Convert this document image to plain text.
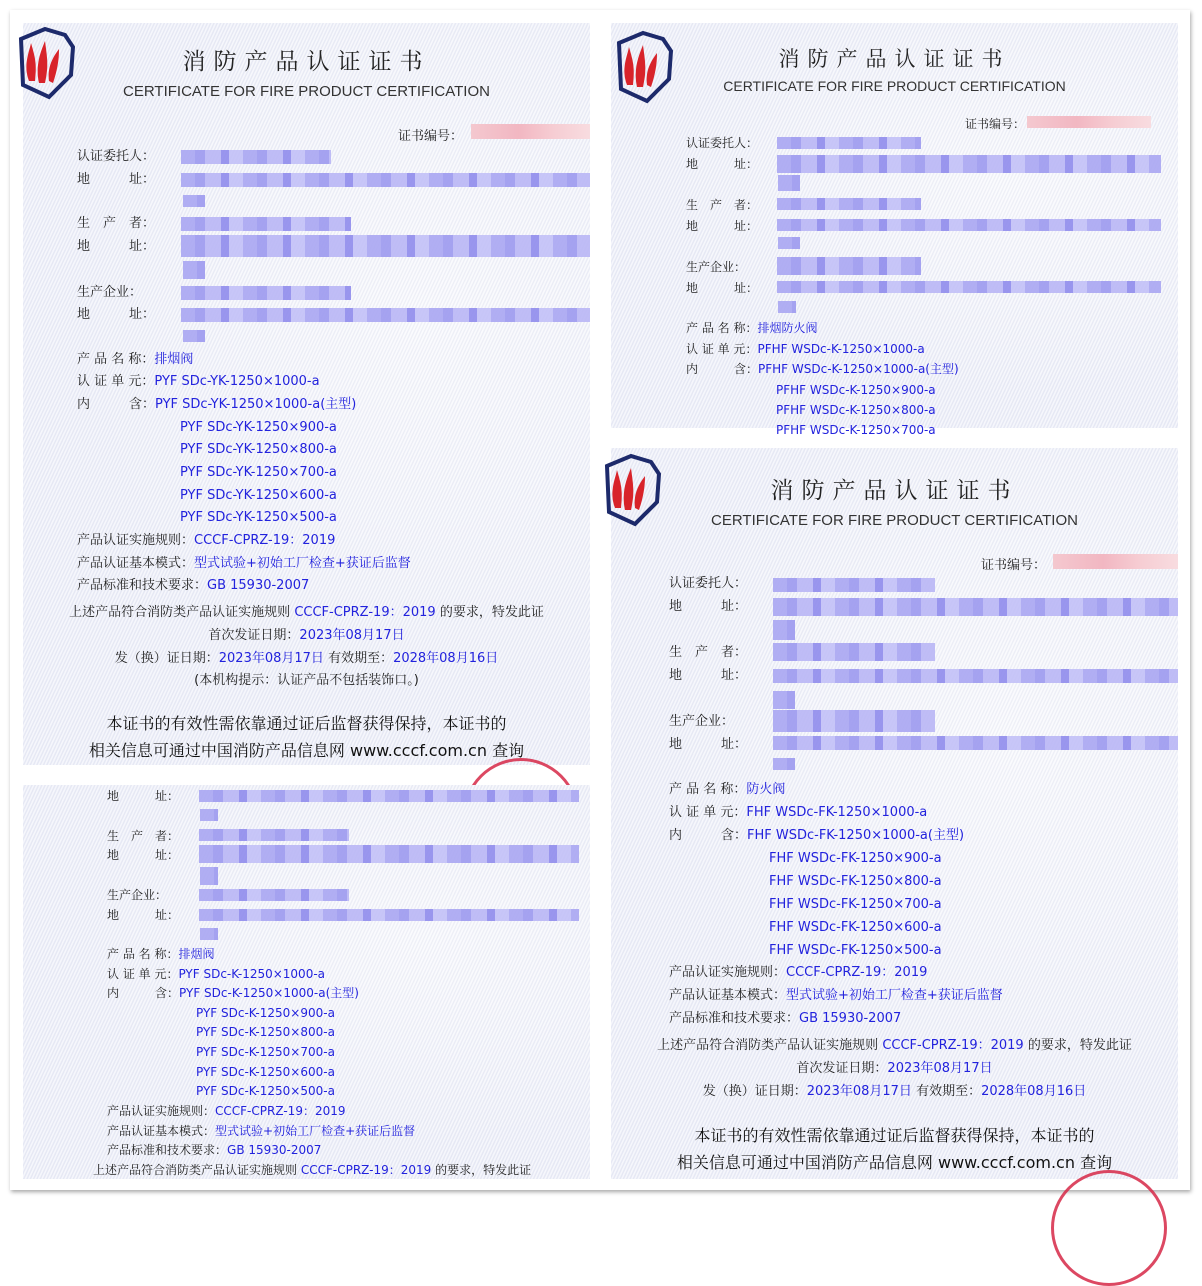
消防产品认证证书
CERTIFICATE FOR FIRE PRODUCT CERTIFICATION
证书编号：
认证委托人：
地　　　址：
生　产　者：
地　　　址：
生产企业：
地　　　址：
产 品 名 称：排烟阀
认 证 单 元：PYF SDc-YK-1250×1000-a
内　　　含：PYF SDc-YK-1250×1000-a(主型)
PYF SDc-YK-1250×900-a
PYF SDc-YK-1250×800-a
PYF SDc-YK-1250×700-a
PYF SDc-YK-1250×600-a
PYF SDc-YK-1250×500-a
产品认证实施规则：CCCF-CPRZ-19：2019
产品认证基本模式：型式试验+初始工厂检查+获证后监督
产品标准和技术要求：GB 15930-2007
上述产品符合消防类产品认证实施规则 CCCF-CPRZ-19：2019 的要求，特发此证
首次发证日期：2023年08月17日
发（换）证日期：2023年08月17日 有效期至：2028年08月16日
(本机构提示：认证产品不包括装饰口。)
本证书的有效性需依靠通过证后监督获得保持，本证书的
相关信息可通过中国消防产品信息网 www.cccf.com.cn 查询
消防产品认证证书
CERTIFICATE FOR FIRE PRODUCT CERTIFICATION
证书编号：
认证委托人：
地　　　址：
生　产　者：
地　　　址：
生产企业：
地　　　址：
产 品 名 称：排烟防火阀
认 证 单 元：PFHF WSDc-K-1250×1000-a
内　　　含：PFHF WSDc-K-1250×1000-a(主型)
PFHF WSDc-K-1250×900-a
PFHF WSDc-K-1250×800-a
PFHF WSDc-K-1250×700-a
消防产品认证证书
CERTIFICATE FOR FIRE PRODUCT CERTIFICATION
证书编号：
认证委托人：
地　　　址：
生　产　者：
地　　　址：
生产企业：
地　　　址：
产 品 名 称：防火阀
认 证 单 元：FHF WSDc-FK-1250×1000-a
内　　　含：FHF WSDc-FK-1250×1000-a(主型)
FHF WSDc-FK-1250×900-a
FHF WSDc-FK-1250×800-a
FHF WSDc-FK-1250×700-a
FHF WSDc-FK-1250×600-a
FHF WSDc-FK-1250×500-a
产品认证实施规则：CCCF-CPRZ-19：2019
产品认证基本模式：型式试验+初始工厂检查+获证后监督
产品标准和技术要求：GB 15930-2007
上述产品符合消防类产品认证实施规则 CCCF-CPRZ-19：2019 的要求，特发此证
首次发证日期：2023年08月17日
发（换）证日期：2023年08月17日 有效期至：2028年08月16日
本证书的有效性需依靠通过证后监督获得保持，本证书的
相关信息可通过中国消防产品信息网 www.cccf.com.cn 查询
地　　　址：
生　产　者：
地　　　址：
生产企业：
地　　　址：
产 品 名 称：排烟阀
认 证 单 元：PYF SDc-K-1250×1000-a
内　　　含：PYF SDc-K-1250×1000-a(主型)
PYF SDc-K-1250×900-a
PYF SDc-K-1250×800-a
PYF SDc-K-1250×700-a
PYF SDc-K-1250×600-a
PYF SDc-K-1250×500-a
产品认证实施规则：CCCF-CPRZ-19：2019
产品认证基本模式：型式试验+初始工厂检查+获证后监督
产品标准和技术要求：GB 15930-2007
上述产品符合消防类产品认证实施规则 CCCF-CPRZ-19：2019 的要求，特发此证
